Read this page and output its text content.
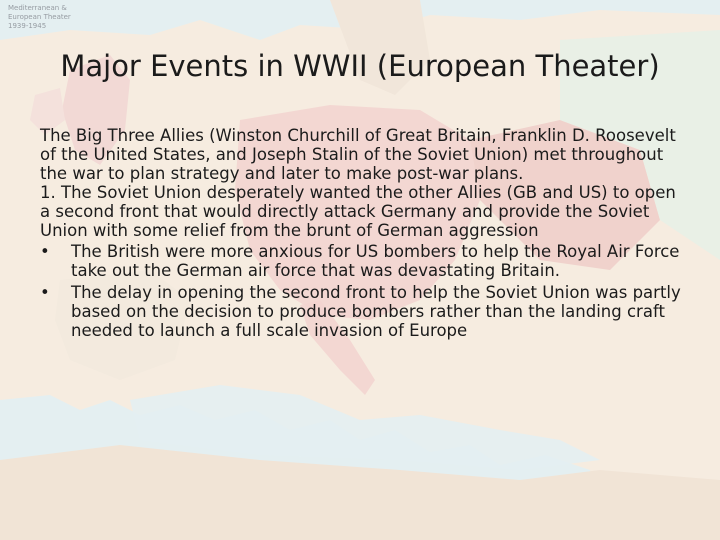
Mediterranean &
European Theater
1939-1945
Major Events in WWII (European Theater)

The Big Three Allies (Winston Churchill of Great Britain, Franklin D. Roosevelt of the United States, and Joseph Stalin of the Soviet Union) met throughout the war to plan strategy and later to make post-war plans.

1. The Soviet Union desperately wanted the other Allies (GB and US) to open a second front that would directly attack Germany and provide the Soviet Union with some relief from the brunt of German aggression

•	The British were more anxious for US bombers to help the Royal Air Force take out the German air force that was devastating Britain.
•	The delay in opening the second front to help the Soviet Union was partly based on the decision to produce bombers rather than the landing craft needed to launch a full scale invasion of Europe
